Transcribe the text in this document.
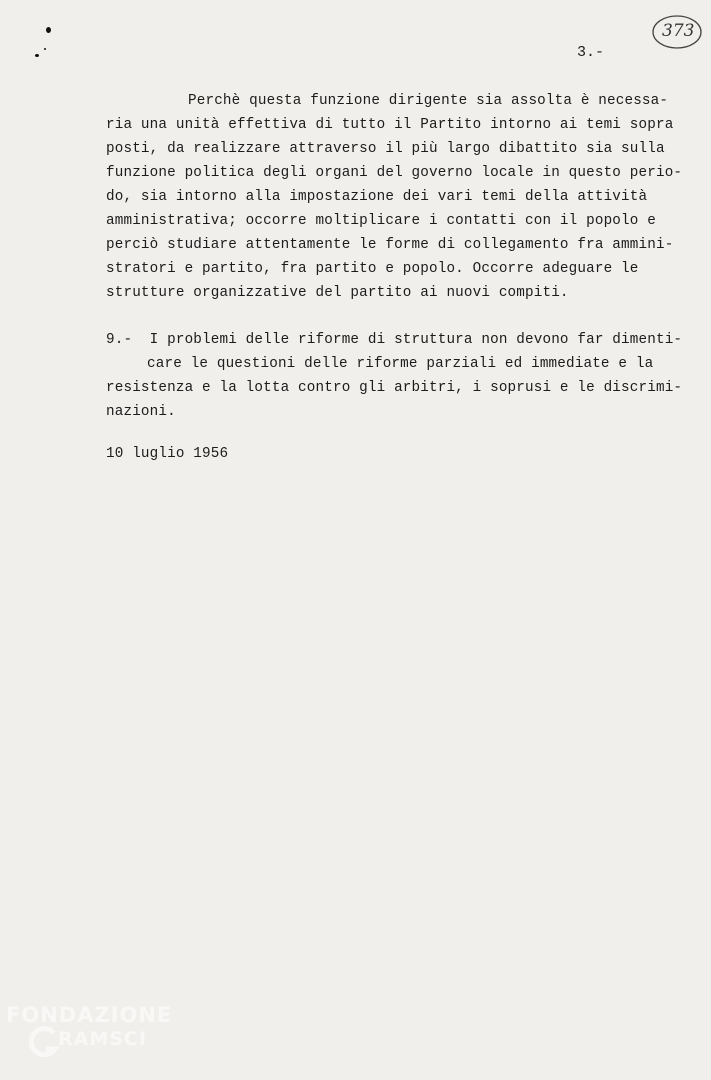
3.-
373
Perchè questa funzione dirigente sia assolta è necessa-
ria una unità effettiva di tutto il Partito intorno ai temi sopra
posti, da realizzare attraverso il più largo dibattito sia sulla
funzione politica degli organi del governo locale in questo perio-
do, sia intorno alla impostazione dei vari temi della attività
amministrativa; occorre moltiplicare i contatti con il popolo e
perciò studiare attentamente le forme di collegamento fra ammini-
stratori e partito, fra partito e popolo. Occorre adeguare le
strutture organizzative del partito ai nuovi compiti.
9.-  I problemi delle riforme di struttura non devono far dimenti-
care le questioni delle riforme parziali ed immediate e la
resistenza e la lotta contro gli arbitri, i soprusi e le discrimi-
nazioni.
10 luglio 1956
FONDAZIONE
RAMSCI
